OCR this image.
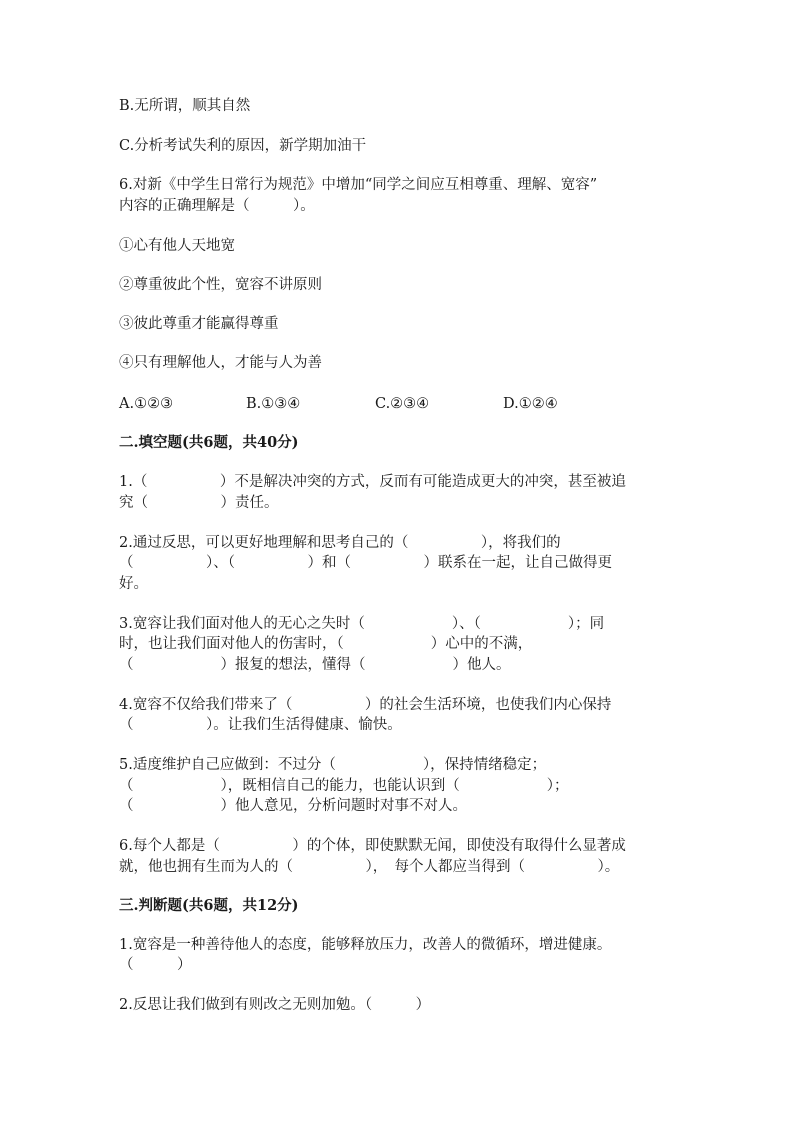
B.无所谓，顺其自然
C.分析考试失利的原因，新学期加油干
6.对新《中学生日常行为规范》中增加“同学之间应互相尊重、理解、宽容”
内容的正确理解是（　　　）。
①心有他人天地宽
②尊重彼此个性，宽容不讲原则
③彼此尊重才能赢得尊重
④只有理解他人，才能与人为善
A.①②③	B.①③④	C.②③④	D.①②④
二.填空题(共6题，共40分)
1.（　　　　　）不是解决冲突的方式，反而有可能造成更大的冲突，甚至被追
究（　　　　　）责任。
2.通过反思，可以更好地理解和思考自己的（　　　　　），将我们的
（　　　　　）、（　　　　　）和（　　　　　）联系在一起，让自己做得更
好。
3.宽容让我们面对他人的无心之失时（　　　　　　）、（　　　　　　）；同
时，也让我们面对他人的伤害时，（　　　　　　）心中的不满，
（　　　　　　）报复的想法，懂得（　　　　　　）他人。
4.宽容不仅给我们带来了（　　　　　）的社会生活环境，也使我们内心保持
（　　　　　）。让我们生活得健康、愉快。
5.适度维护自己应做到：不过分（　　　　　　），保持情绪稳定；
（　　　　　　），既相信自己的能力，也能认识到（　　　　　　）；
（　　　　　　）他人意见，分析问题时对事不对人。
6.每个人都是（　　　　　）的个体，即使默默无闻，即使没有取得什么显著成
就，他也拥有生而为人的（　　　　　），　每个人都应当得到（　　　　　）。
三.判断题(共6题，共12分)
1.宽容是一种善待他人的态度，能够释放压力，改善人的微循环，增进健康。
（　　　）
2.反思让我们做到有则改之无则加勉。（　　　）
